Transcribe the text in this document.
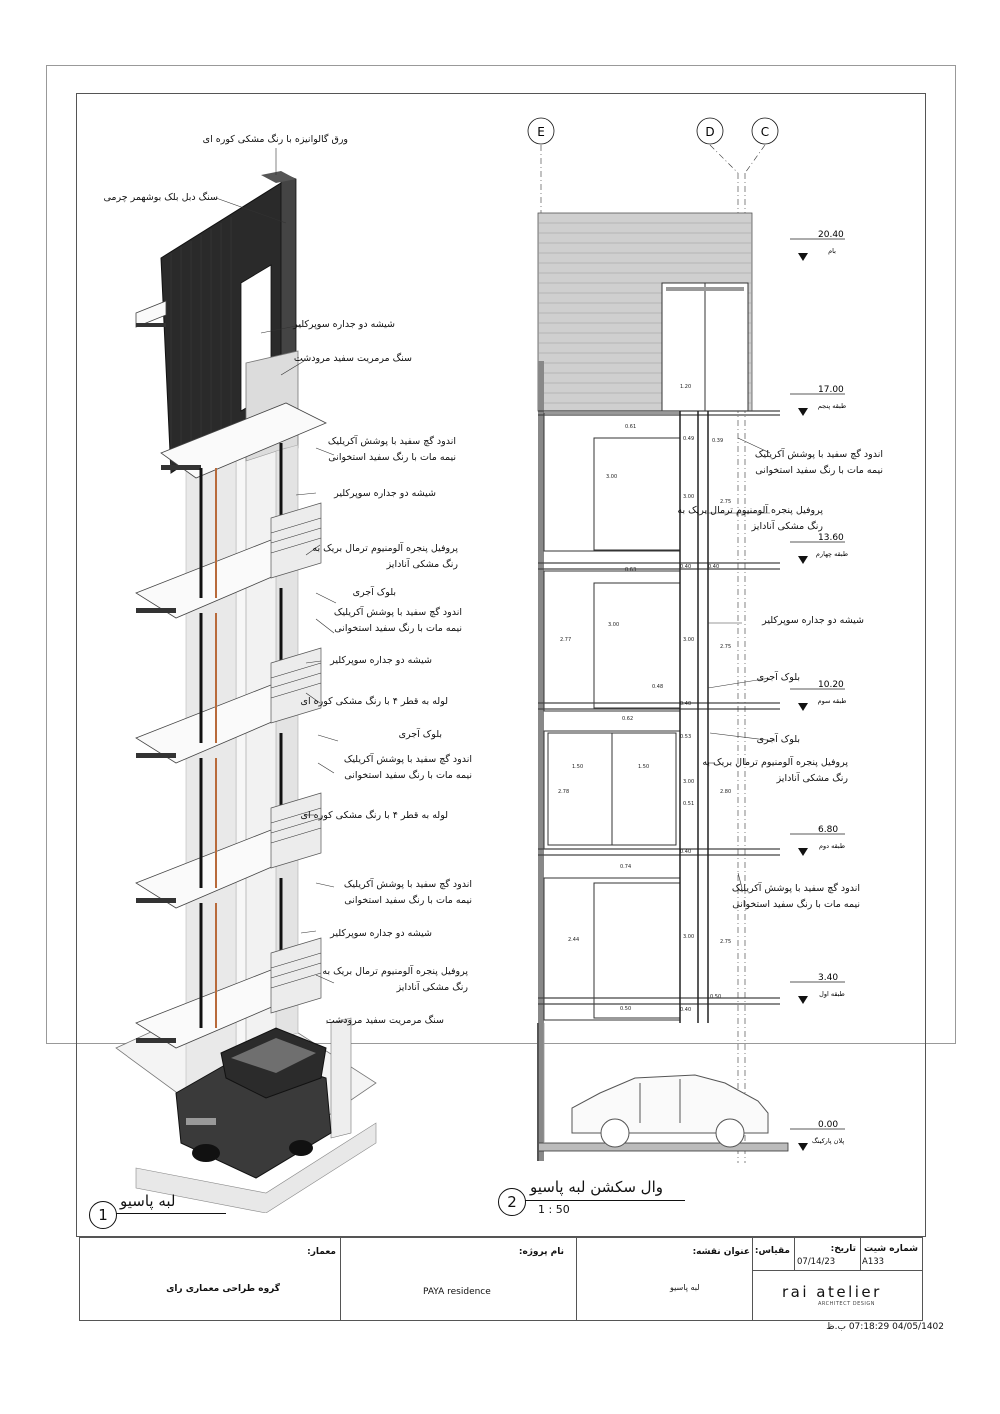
ورق گالوانیزه با رنگ مشکی کوره ای
سنگ دبل بلک بوشهمر چرمی
شیشه دو جداره سوپرکلیر
سنگ مرمریت سفید مرودشت
اندود گچ سفید با پوشش آکریلیک
نیمه مات با رنگ سفید استخوانی
شیشه دو جداره سوپرکلیر
پروفیل پنجره آلومنیوم ترمال بریک به
رنگ مشکی آنادایز
بلوک آجری
اندود گچ سفید با پوشش آکریلیک
نیمه مات با رنگ سفید استخوانی
شیشه دو جداره سوپرکلیر
لوله به قطر ۴ با رنگ مشکی کوره ای
بلوک آجری
اندود گچ سفید با پوشش آکریلیک
نیمه مات با رنگ سفید استخوانی
لوله به قطر ۴ با رنگ مشکی کوره ای
اندود گچ سفید با پوشش آکریلیک
نیمه مات با رنگ سفید استخوانی
شیشه دو جداره سوپرکلیر
پروفیل پنجره آلومنیوم ترمال بریک به
رنگ مشکی آنادایز
سنگ مرمریت سفید مرودشت
1
لبه پاسیو
E	D	C
20.40
بام
17.00
طبقه پنجم
13.60
طبقه چهارم
10.20
طبقه سوم
6.80
طبقه دوم
3.40
طبقه اول
0.00
پلان پارکینگ
0.61
0.49	0.39
3.00
3.00
2.75
0.40	0.40
0.63
3.00
2.77	3.00
2.75
0.48
0.40
0.62
0.53
1.50	1.50
2.78
3.00
0.51
2.80
0.40
0.74
2.44	3.00
2.75
0.40
0.50
0.50
1.20
اندود گچ سفید با پوشش آکریلیک
نیمه مات با رنگ سفید استخوانی
پروفیل پنجره آلومنیوم ترمال بریک به
رنگ مشکی آنادایز
شیشه دو جداره سوپرکلیر
بلوک آجری
بلوک آجری
پروفیل پنجره آلومنیوم ترمال بریک به
رنگ مشکی آنادایز
اندود گچ سفید با پوشش آکریلیک
نیمه مات با رنگ سفید استخوانی
2
وال سکشن لبه پاسیو
1 : 50
معمار:
گروه طراحی معماری رای
نام پروژه:
PAYA residence
عنوان نقشه:
لبه پاسیو
مقیاس:	تاریخ:
07/14/23
شماره شیت
A133
rai atelier
ARCHITECT DESIGN
04/05/1402 07:18:29 ب.ظ
